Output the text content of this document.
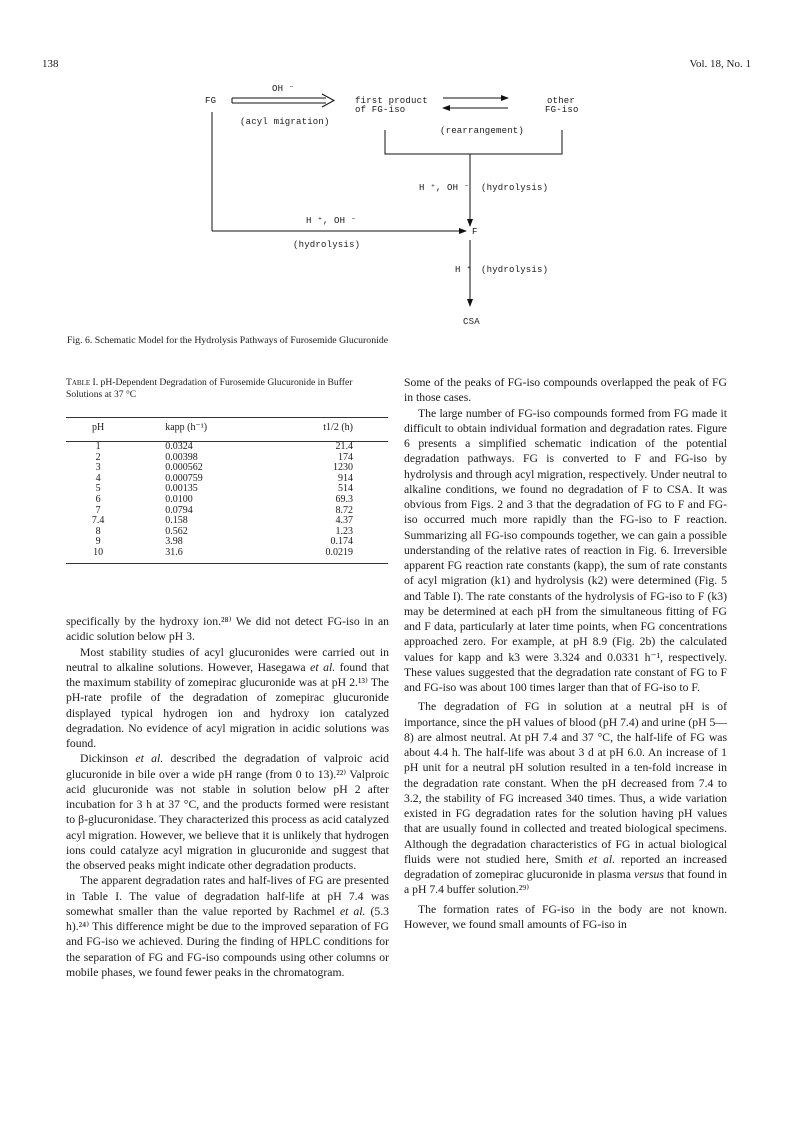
138	Vol. 18, No. 1
FG
OH ⁻
(acyl migration)
first product
of FG-iso
other
FG-iso
(rearrangement)
H ⁺, OH ⁻ (hydrolysis)
H ⁺, OH ⁻
(hydrolysis)
F
H ⁺ (hydrolysis)
CSA
Fig. 6. Schematic Model for the Hydrolysis Pathways of Furosemide Glucuronide
Table I. pH-Dependent Degradation of Furosemide Glucuronide in Buffer Solutions at 37 °C
pH	kapp (h⁻¹)	t1/2 (h)
1	0.0324	21.4
2	0.00398	174
3	0.000562	1230
4	0.000759	914
5	0.00135	514
6	0.0100	69.3
7	0.0794	8.72
7.4	0.158	4.37
8	0.562	1.23
9	3.98	0.174
10	31.6	0.0219

specifically by the hydroxy ion.²⁸⁾ We did not detect FG-iso in an acidic solution below pH 3.

Most stability studies of acyl glucuronides were carried out in neutral to alkaline solutions. However, Hasegawa et al. found that the maximum stability of zomepirac glucuronide was at pH 2.¹³⁾ The pH-rate profile of the degradation of zomepirac glucuronide displayed typical hydrogen ion and hydroxy ion catalyzed degradation. No evidence of acyl migration in acidic solutions was found.

Dickinson et al. described the degradation of valproic acid glucuronide in bile over a wide pH range (from 0 to 13).²²⁾ Valproic acid glucuronide was not stable in solution below pH 2 after incubation for 3 h at 37 °C, and the products formed were resistant to β-glucuronidase. They characterized this process as acid catalyzed acyl migration. However, we believe that it is unlikely that hydrogen ions could catalyze acyl migration in glucuronide and suggest that the observed peaks might indicate other degradation products.

The apparent degradation rates and half-lives of FG are presented in Table I. The value of degradation half-life at pH 7.4 was somewhat smaller than the value reported by Rachmel et al. (5.3 h).²⁴⁾ This difference might be due to the improved separation of FG and FG-iso we achieved. During the finding of HPLC conditions for the separation of FG and FG-iso compounds using other columns or mobile phases, we found fewer peaks in the chromatogram.

Some of the peaks of FG-iso compounds overlapped the peak of FG in those cases.

The large number of FG-iso compounds formed from FG made it difficult to obtain individual formation and degradation rates. Figure 6 presents a simplified schematic indication of the potential degradation pathways. FG is converted to F and FG-iso by hydrolysis and through acyl migration, respectively. Under neutral to alkaline conditions, we found no degradation of F to CSA. It was obvious from Figs. 2 and 3 that the degradation of FG to F and FG-iso occurred much more rapidly than the FG-iso to F reaction. Summarizing all FG-iso compounds together, we can gain a possible understanding of the relative rates of reaction in Fig. 6. Irreversible apparent FG reaction rate constants (kapp), the sum of rate constants of acyl migration (k1) and hydrolysis (k2) were determined (Fig. 5 and Table I). The rate constants of the hydrolysis of FG-iso to F (k3) may be determined at each pH from the simultaneous fitting of FG and F data, particularly at later time points, when FG concentrations approached zero. For example, at pH 8.9 (Fig. 2b) the calculated values for kapp and k3 were 3.324 and 0.0331 h⁻¹, respectively. These values suggested that the degradation rate constant of FG to F and FG-iso was about 100 times larger than that of FG-iso to F.

The degradation of FG in solution at a neutral pH is of importance, since the pH values of blood (pH 7.4) and urine (pH 5—8) are almost neutral. At pH 7.4 and 37 °C, the half-life of FG was about 4.4 h. The half-life was about 3 d at pH 6.0. An increase of 1 pH unit for a neutral pH solution resulted in a ten-fold increase in the degradation rate constant. When the pH decreased from 7.4 to 3.2, the stability of FG increased 340 times. Thus, a wide variation existed in FG degradation rates for the solution having pH values that are usually found in collected and treated biological specimens. Although the degradation characteristics of FG in actual biological fluids were not studied here, Smith et al. reported an increased degradation of zomepirac glucuronide in plasma versus that found in a pH 7.4 buffer solution.²⁹⁾

The formation rates of FG-iso in the body are not known. However, we found small amounts of FG-iso in
